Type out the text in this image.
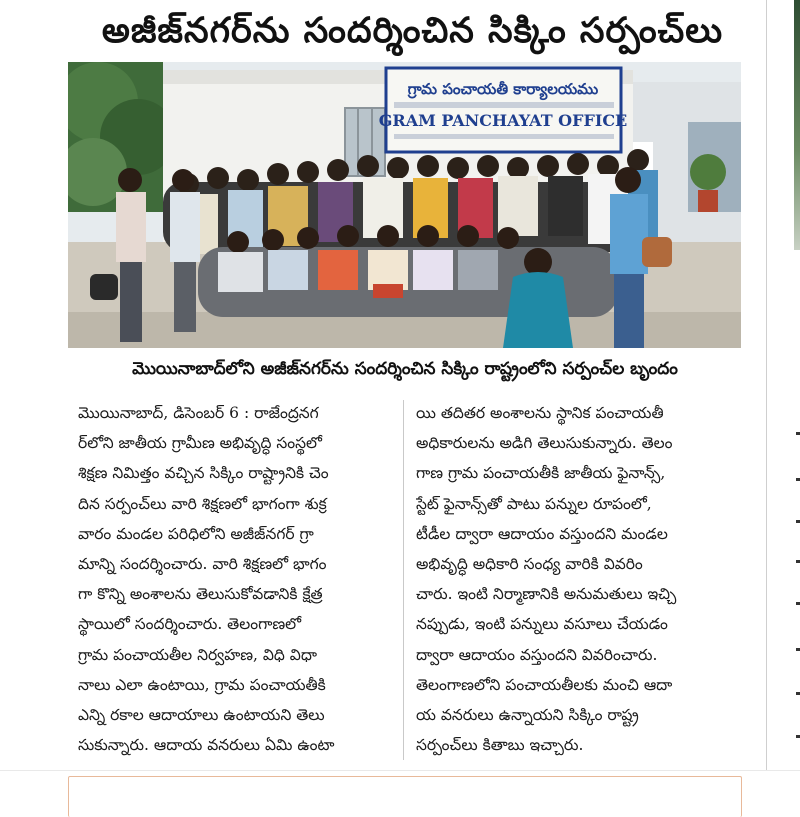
అజీజ్‌నగర్‌ను సందర్శించిన సిక్కిం సర్పంచ్‌లు
గ్రామ పంచాయతీ కార్యాలయము
GRAM PANCHAYAT OFFICE
మొయినాబాద్‌లోని అజీజ్‌నగర్‌ను సందర్శించిన సిక్కిం రాష్ట్రంలోని సర్పంచ్‌ల బృందం
మొయినాబాద్, డిసెంబర్ 6 : రాజేంద్రనగ
ర్‌లోని జాతీయ గ్రామీణ అభివృద్ధి సంస్థలో
శిక్షణ నిమిత్తం వచ్చిన సిక్కిం రాష్ట్రానికి చెం
దిన సర్పంచ్‌లు వారి శిక్షణలో భాగంగా శుక్ర
వారం మండల పరిధిలోని అజీజ్‌నగర్ గ్రా
మాన్ని సందర్శించారు. వారి శిక్షణలో భాగం
గా కొన్ని అంశాలను తెలుసుకోవడానికి క్షేత్ర
స్థాయిలో సందర్శించారు. తెలంగాణలో
గ్రామ పంచాయతీల నిర్వహణ, విధి విధా
నాలు ఎలా ఉంటాయి, గ్రామ పంచాయతీకి
ఎన్ని రకాల ఆదాయాలు ఉంటాయని తెలు
సుకున్నారు. ఆదాయ వనరులు ఏమి ఉంటా
యి తదితర అంశాలను స్థానిక పంచాయతీ
అధికారులను అడిగి తెలుసుకున్నారు. తెలం
గాణ గ్రామ పంచాయతీకి జాతీయ ఫైనాన్స్,
స్టేట్ ఫైనాన్స్‌తో పాటు పన్నుల రూపంలో,
టీడీల ద్వారా ఆదాయం వస్తుందని మండల
అభివృద్ధి అధికారి సంధ్య వారికి వివరిం
చారు. ఇంటి నిర్మాణానికి అనుమతులు ఇచ్చి
నప్పుడు, ఇంటి పన్నులు వసూలు చేయడం
ద్వారా ఆదాయం వస్తుందని వివరించారు.
తెలంగాణలోని పంచాయతీలకు మంచి ఆదా
య వనరులు ఉన్నాయని సిక్కిం రాష్ట్ర
సర్పంచ్‌లు కితాబు ఇచ్చారు.
